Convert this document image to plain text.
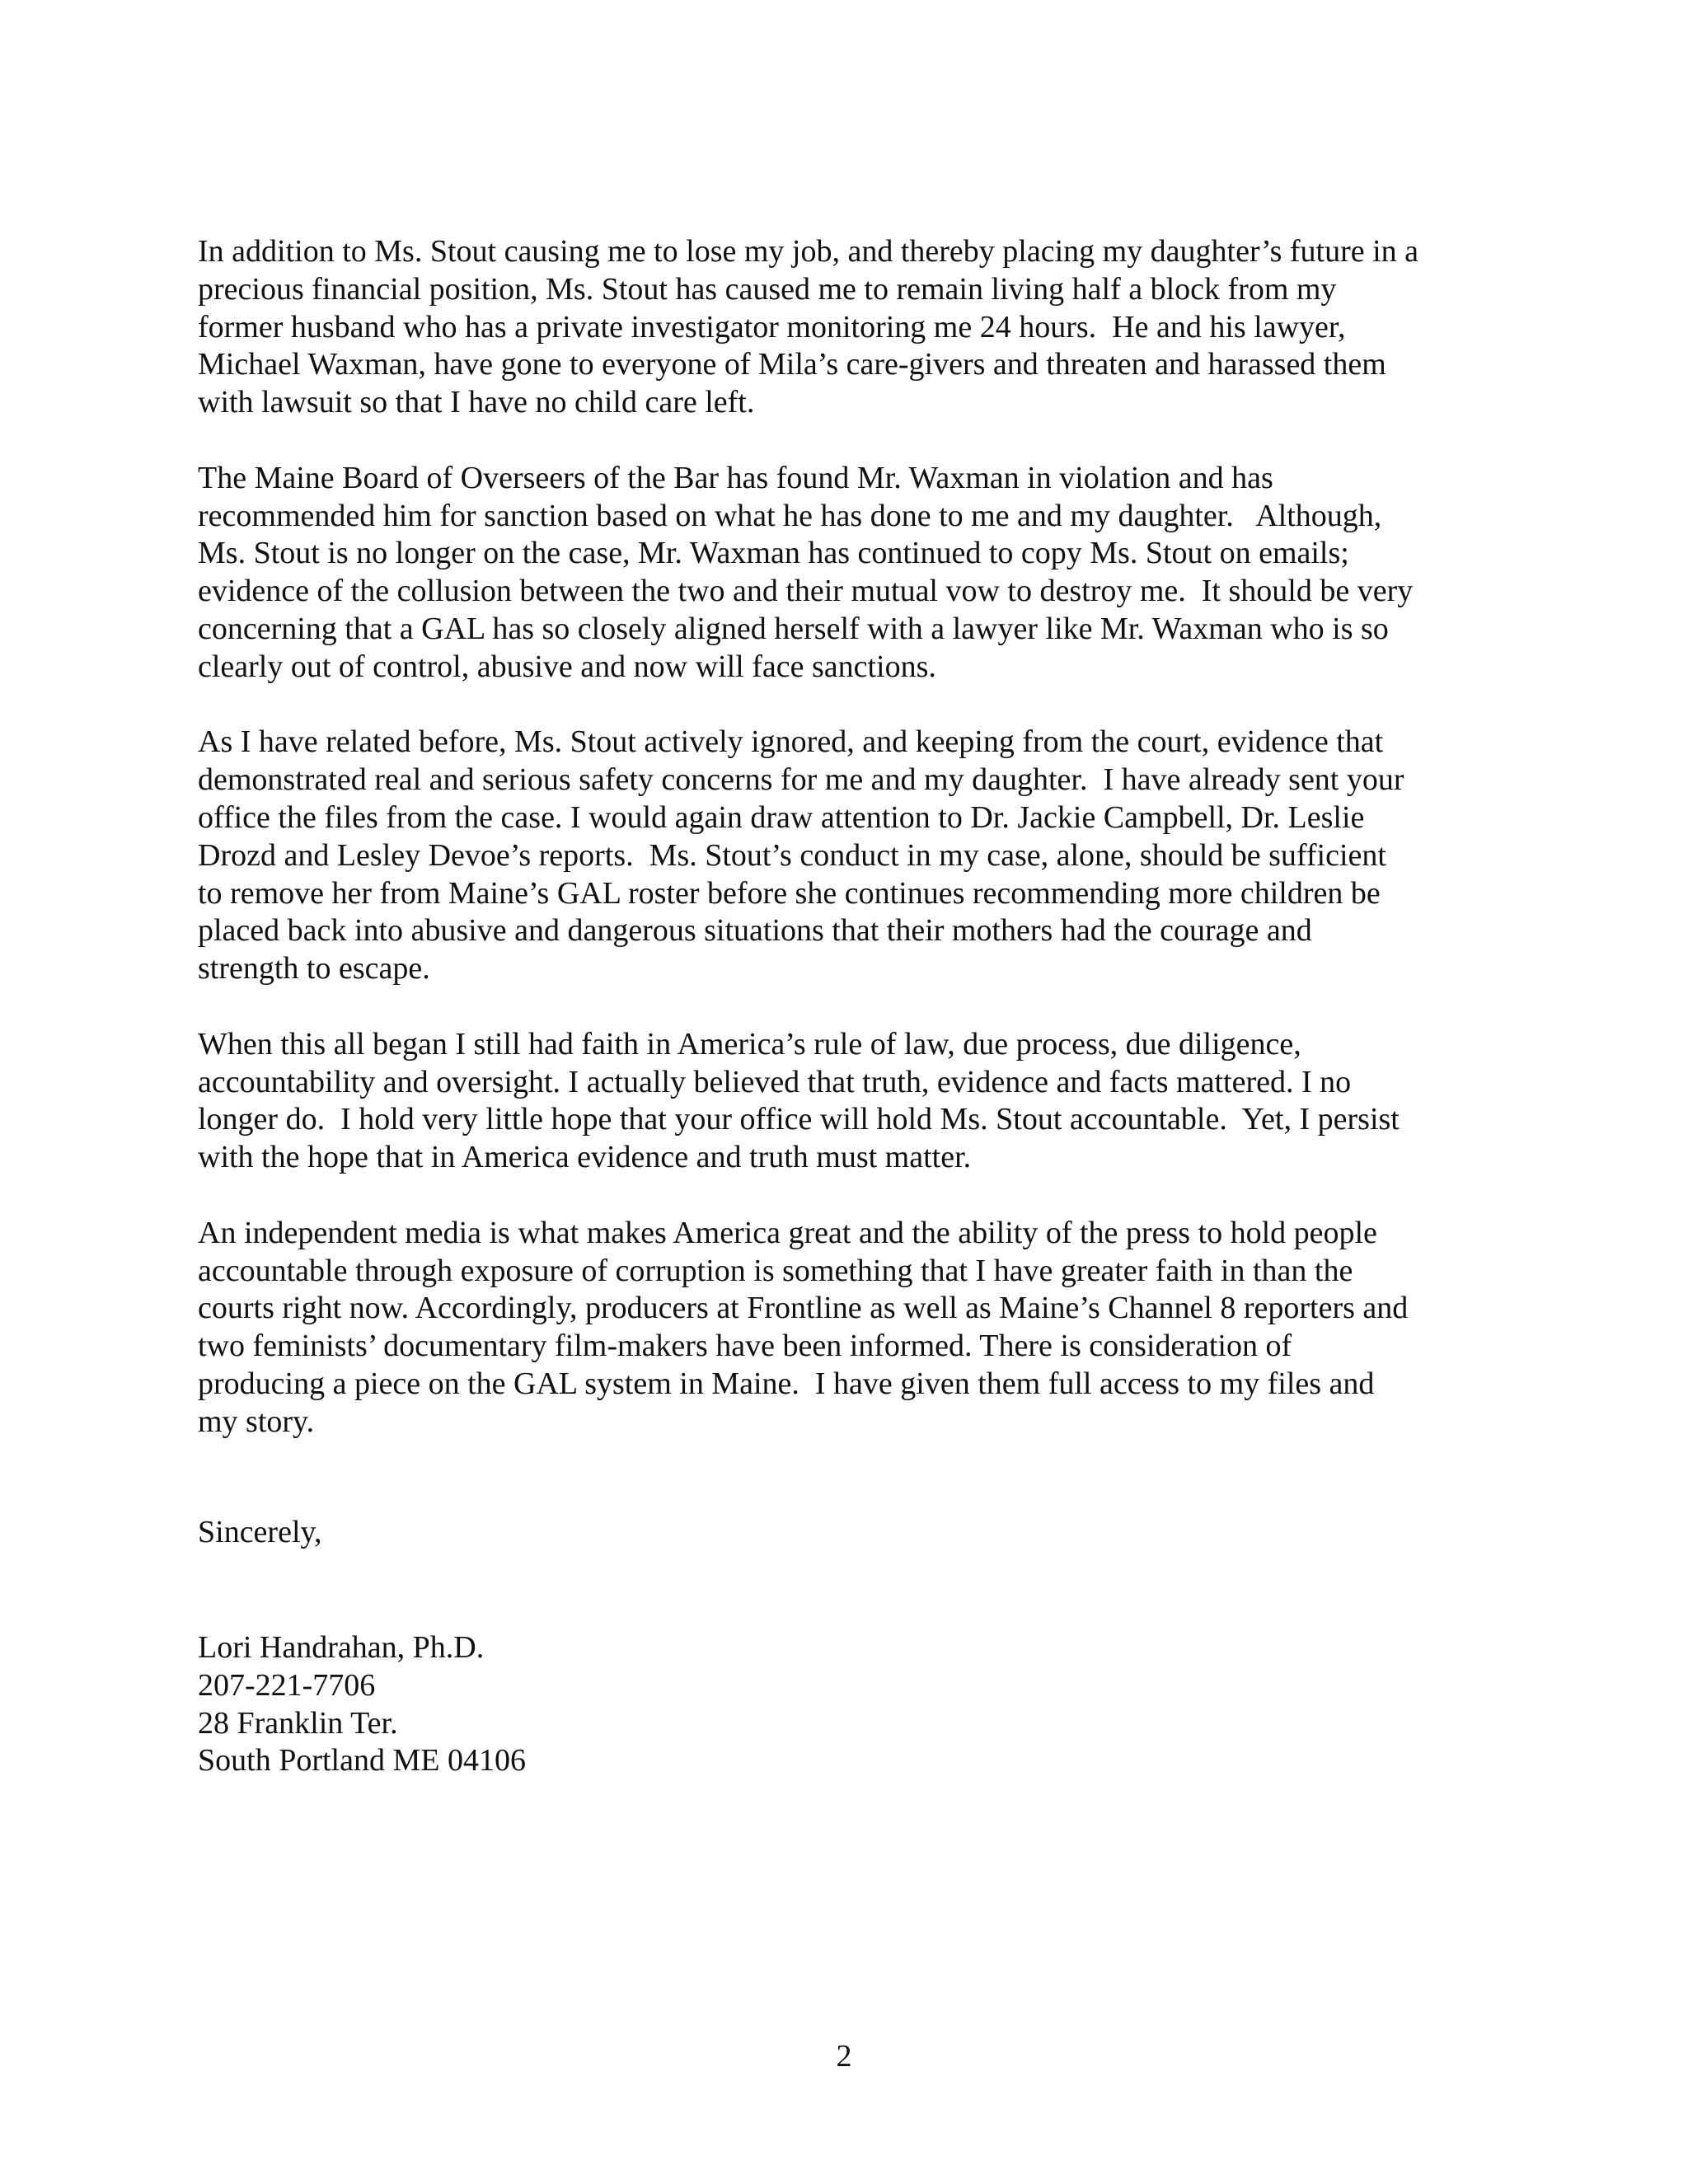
In addition to Ms. Stout causing me to lose my job, and thereby placing my daughter’s future in a
precious financial position, Ms. Stout has caused me to remain living half a block from my
former husband who has a private investigator monitoring me 24 hours.  He and his lawyer,
Michael Waxman, have gone to everyone of Mila’s care-givers and threaten and harassed them
with lawsuit so that I have no child care left.
The Maine Board of Overseers of the Bar has found Mr. Waxman in violation and has
recommended him for sanction based on what he has done to me and my daughter.   Although,
Ms. Stout is no longer on the case, Mr. Waxman has continued to copy Ms. Stout on emails;
evidence of the collusion between the two and their mutual vow to destroy me.  It should be very
concerning that a GAL has so closely aligned herself with a lawyer like Mr. Waxman who is so
clearly out of control, abusive and now will face sanctions.
As I have related before, Ms. Stout actively ignored, and keeping from the court, evidence that
demonstrated real and serious safety concerns for me and my daughter.  I have already sent your
office the files from the case. I would again draw attention to Dr. Jackie Campbell, Dr. Leslie
Drozd and Lesley Devoe’s reports.  Ms. Stout’s conduct in my case, alone, should be sufficient
to remove her from Maine’s GAL roster before she continues recommending more children be
placed back into abusive and dangerous situations that their mothers had the courage and
strength to escape.
When this all began I still had faith in America’s rule of law, due process, due diligence,
accountability and oversight. I actually believed that truth, evidence and facts mattered. I no
longer do.  I hold very little hope that your office will hold Ms. Stout accountable.  Yet, I persist
with the hope that in America evidence and truth must matter.
An independent media is what makes America great and the ability of the press to hold people
accountable through exposure of corruption is something that I have greater faith in than the
courts right now. Accordingly, producers at Frontline as well as Maine’s Channel 8 reporters and
two feminists’ documentary film-makers have been informed. There is consideration of
producing a piece on the GAL system in Maine.  I have given them full access to my files and
my story.
Sincerely,
Lori Handrahan, Ph.D.
207-221-7706
28 Franklin Ter.
South Portland ME 04106
2
